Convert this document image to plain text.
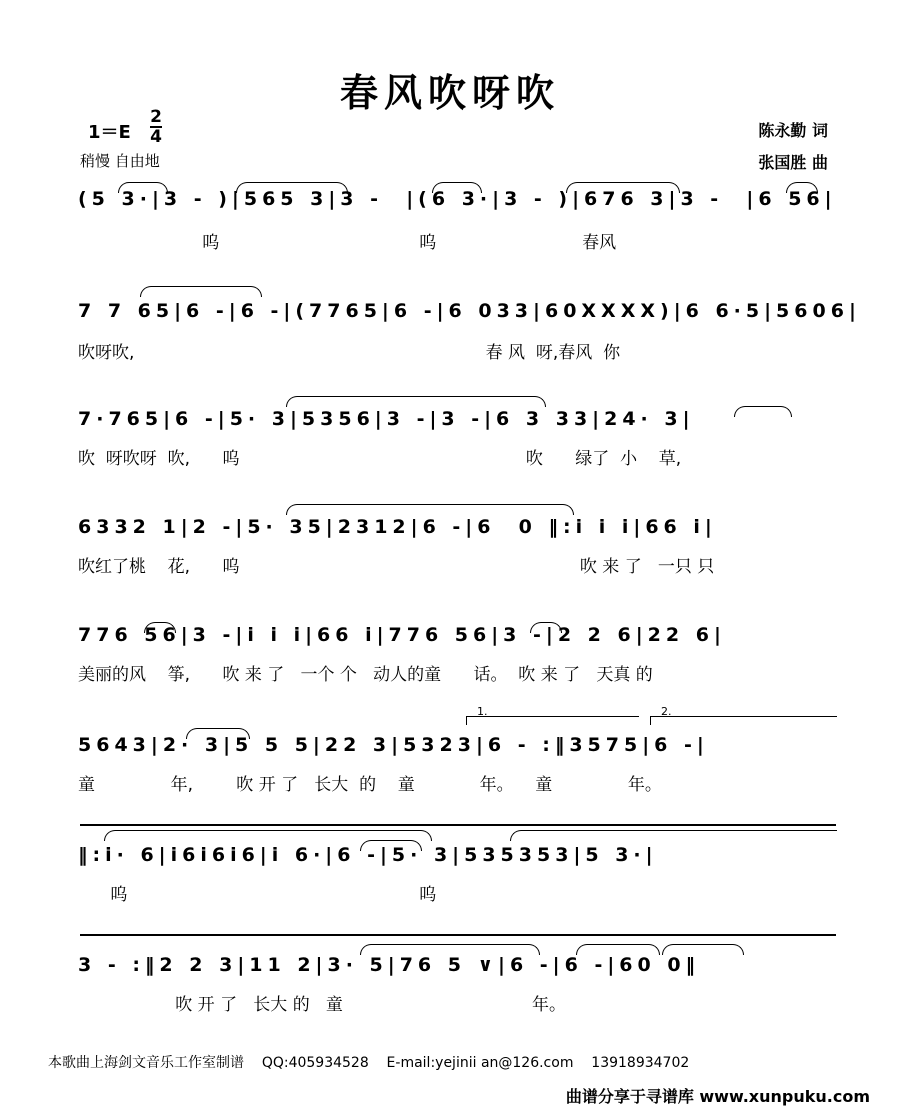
春风吹呀吹
1＝E
2
4
稍慢 自由地
陈永勤 词
张国胜 曲
(5 3·|3 - )|565 3|3 -  |(6 3·|3 - )|676 3|3 -  |6 56|
呜                                     呜                           春风
7 7 65|6 -|6 -|(7765|6 -|6 033|60XXXX)|6 6·5|5606|
吹呀吹,                                                                 春 风  呀,春风  你
7·765|6 -|5· 3|5356|3 -|3 -|6 3 33|24· 3|
吹  呀吹呀  吹,      呜                                                     吹      绿了  小    草,
6332 1|2 -|5· 35|2312|6 -|6  0 ‖:i i i|66 i|
吹红了桃    花,      呜                                                               吹 来 了   一只 只
776 56|3 -|i i i|66 i|776 56|3 -|2 2 6|22 6|
美丽的风    筝,      吹 来 了   一个 个   动人的童      话。  吹 来 了   天真 的
1.	2.
5643|2· 3|5 5 5|22 3|5323|6 - :‖3575|6 -|
童              年,        吹 开 了   长大  的    童            年。    童              年。
‖:i· 6|i6i6i6|i 6·|6 -|5· 3|535353|5 3·|
呜                                                      呜
3 - :‖2 2 3|11 2|3· 5|76 5 ∨|6 -|6 -|60 0‖
吹 开 了   长大 的   童                                   年。
本歌曲上海剑文音乐工作室制谱 QQ:405934528 E-mail:yejinii an@126.com 13918934702
曲谱分享于寻谱库 www.xunpuku.com
